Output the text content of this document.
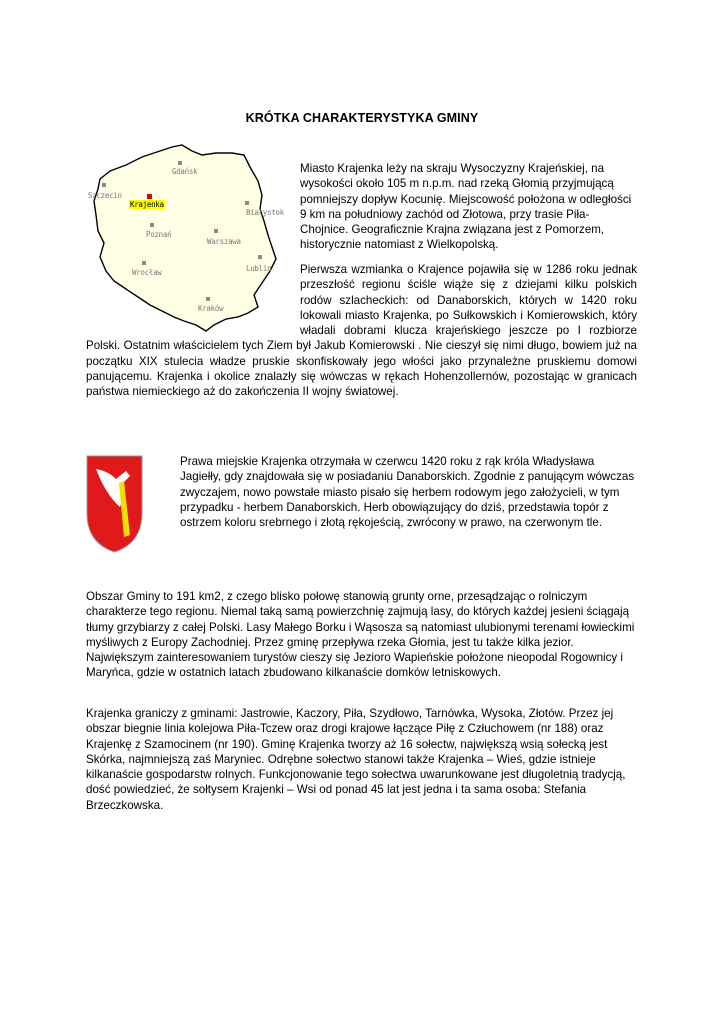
KRÓTKA CHARAKTERYSTYKA GMINY
Gdańsk
Szczecin
Krajenka
Białystok
Poznań
Warszawa
Lublin
Wrocław
Kraków

Miasto Krajenka leży na skraju Wysoczyzny Krajeńskiej, na wysokości około 105 m n.p.m. nad rzeką Głomią przyjmującą pomniejszy dopływ Kocunię. Miejscowość położona w odległości 9 km na południowy zachód od Złotowa, przy trasie Piła-Chojnice. Geograficznie Krajna związana jest z Pomorzem, historycznie natomiast z Wielkopolską.

Pierwsza wzmianka o Krajence pojawiła się w 1286 roku jednak przeszłość regionu ściśle wiąże się z dziejami kilku polskich rodów szlacheckich: od Danaborskich, których w 1420 roku lokowali miasto Krajenka, po Sułkowskich i Komierowskich, który władali dobrami klucza krajeńskiego jeszcze po I rozbiorze Polski. Ostatnim właścicielem tych Ziem był Jakub Komierowski . Nie cieszył się nimi długo, bowiem już na początku XIX stulecia władze pruskie skonfiskowały jego włości jako przynależne pruskiemu domowi panującemu. Krajenka i okolice znalazły się wówczas w rękach Hohenzollernów, pozostając w granicach państwa niemieckiego aż do zakończenia II wojny światowej.

Prawa miejskie Krajenka otrzymała w czerwcu 1420 roku z rąk króla Władysława Jagiełły, gdy znajdowała się w posiadaniu Danaborskich. Zgodnie z panującym wówczas zwyczajem, nowo powstałe miasto pisało się herbem rodowym jego założycieli, w tym przypadku - herbem Danaborskich. Herb obowiązujący do dziś, przedstawia topór z ostrzem koloru srebrnego i złotą rękojeścią, zwrócony w prawo, na czerwonym tle.

Obszar Gminy to 191 km2, z czego blisko połowę stanowią grunty orne, przesądzając o rolniczym charakterze tego regionu. Niemal taką samą powierzchnię zajmują lasy, do których każdej jesieni ściągają tłumy grzybiarzy z całej Polski. Lasy Małego Borku i Wąsosza są natomiast ulubionymi terenami łowieckimi myśliwych z Europy Zachodniej. Przez gminę przepływa rzeka Głomia, jest tu także kilka jezior. Największym zainteresowaniem turystów cieszy się Jezioro Wapieńskie położone nieopodal Rogownicy i Maryńca, gdzie w ostatnich latach zbudowano kilkanaście domków letniskowych.

Krajenka graniczy z gminami: Jastrowie, Kaczory, Piła, Szydłowo, Tarnówka, Wysoka, Złotów. Przez jej obszar biegnie linia kolejowa Piła-Tczew oraz drogi krajowe łączące Piłę z Człuchowem (nr 188) oraz Krajenkę z Szamocinem (nr 190). Gminę Krajenka tworzy aż 16 sołectw, największą wsią sołecką jest Skórka, najmniejszą zaś Maryniec. Odrębne sołectwo stanowi także Krajenka – Wieś, gdzie istnieje kilkanaście gospodarstw rolnych. Funkcjonowanie tego sołectwa uwarunkowane jest długoletnią tradycją, dość powiedzieć, że sołtysem Krajenki – Wsi od ponad 45 lat jest jedna i ta sama osoba: Stefania Brzeczkowska.
